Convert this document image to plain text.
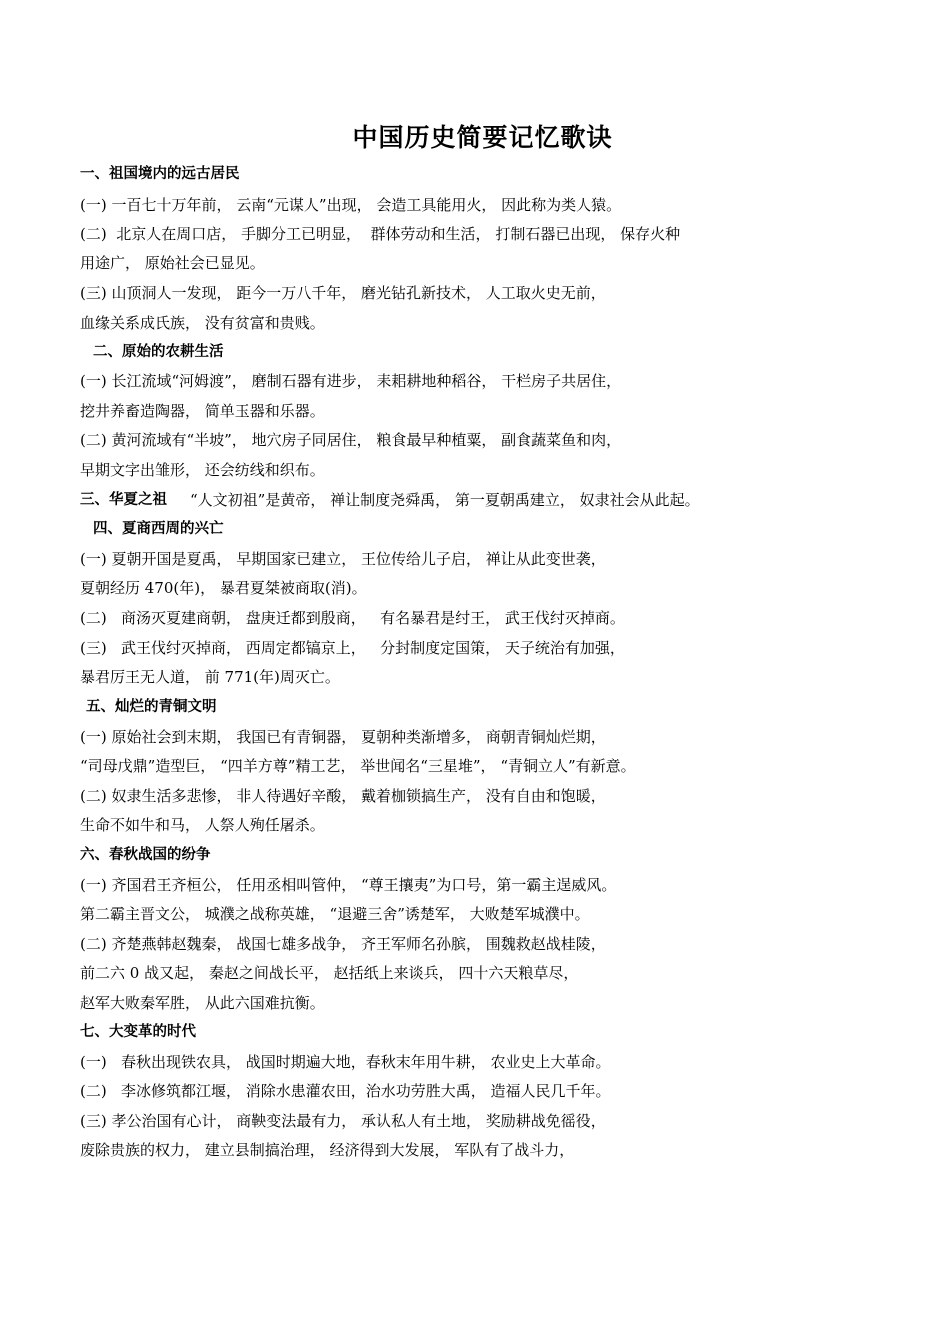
中国历史简要记忆歌诀
一、祖国境内的远古居民
(一) 一百七十万年前， 云南“元谋人”出现， 会造工具能用火， 因此称为类人猿。
(二)  北京人在周口店， 手脚分工已明显，  群体劳动和生活， 打制石器已出现， 保存火种
用途广， 原始社会已显见。
(三) 山顶洞人一发现， 距今一万八千年， 磨光钻孔新技术， 人工取火史无前，
血缘关系成氏族， 没有贫富和贵贱。
二、原始的农耕生活
(一) 长江流域“河姆渡”， 磨制石器有进步， 耒耜耕地种稻谷， 干栏房子共居住，
挖井养畜造陶器， 简单玉器和乐器。
(二) 黄河流域有“半坡”， 地穴房子同居住， 粮食最早种植粟， 副食蔬菜鱼和肉，
早期文字出雏形， 还会纺线和织布。
三、华夏之祖 “人文初祖”是黄帝， 禅让制度尧舜禹， 第一夏朝禹建立， 奴隶社会从此起。
四、夏商西周的兴亡
(一) 夏朝开国是夏禹， 早期国家已建立， 王位传给儿子启， 禅让从此变世袭，
夏朝经历 470(年)， 暴君夏桀被商取(消)。
(二)   商汤灭夏建商朝， 盘庚迁都到殷商，   有名暴君是纣王， 武王伐纣灭掉商。
(三)   武王伐纣灭掉商， 西周定都镐京上，   分封制度定国策， 天子统治有加强，
暴君厉王无人道， 前 771(年)周灭亡。
五、灿烂的青铜文明
(一) 原始社会到末期， 我国已有青铜器， 夏朝种类渐增多， 商朝青铜灿烂期，
“司母戊鼎”造型巨， “四羊方尊”精工艺， 举世闻名“三星堆”， “青铜立人”有新意。
(二) 奴隶生活多悲惨， 非人待遇好辛酸， 戴着枷锁搞生产， 没有自由和饱暖，
生命不如牛和马， 人祭人殉任屠杀。
六、春秋战国的纷争
(一) 齐国君王齐桓公， 任用丞相叫管仲， “尊王攘夷”为口号，第一霸主逞威风。
第二霸主晋文公， 城濮之战称英雄， “退避三舍”诱楚军， 大败楚军城濮中。
(二) 齐楚燕韩赵魏秦， 战国七雄多战争， 齐王军师名孙膑， 围魏救赵战桂陵，
前二六 0 战又起， 秦赵之间战长平， 赵括纸上来谈兵， 四十六天粮草尽，
赵军大败秦军胜， 从此六国难抗衡。
七、大变革的时代
(一)   春秋出现铁农具， 战国时期遍大地，春秋末年用牛耕， 农业史上大革命。
(二)   李冰修筑都江堰， 消除水患灌农田，治水功劳胜大禹， 造福人民几千年。
(三) 孝公治国有心计， 商鞅变法最有力， 承认私人有土地， 奖励耕战免徭役，
废除贵族的权力， 建立县制搞治理， 经济得到大发展， 军队有了战斗力，
